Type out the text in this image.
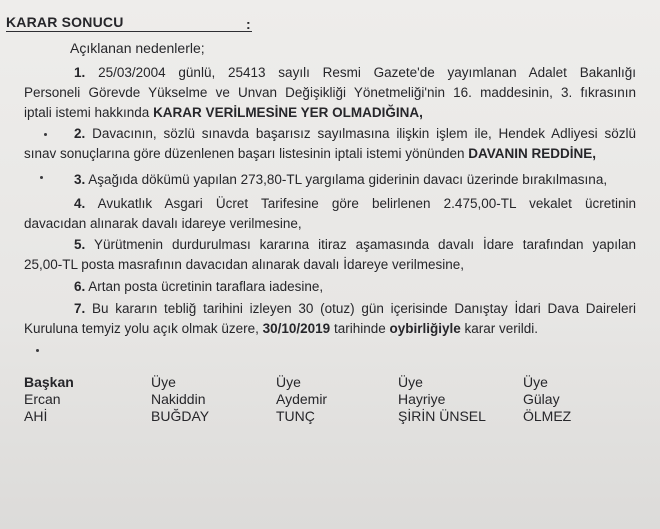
KARAR SONUCU	:
Açıklanan nedenlerle;
1. 25/03/2004 günlü, 25413 sayılı Resmi Gazete'de yayımlanan Adalet Bakanlığı
Personeli Görevde Yükselme ve Unvan Değişikliği Yönetmeliği'nin 16. maddesinin, 3. fıkrasının
iptali istemi hakkında KARAR VERİLMESİNE YER OLMADIĞINA,
2. Davacının, sözlü sınavda başarısız sayılmasına ilişkin işlem ile, Hendek Adliyesi sözlü
sınav sonuçlarına göre düzenlenen başarı listesinin iptali istemi yönünden DAVANIN REDDİNE,
3. Aşağıda dökümü yapılan 273,80-TL yargılama giderinin davacı üzerinde bırakılmasına,
4. Avukatlık Asgari Ücret Tarifesine göre belirlenen 2.475,00-TL vekalet ücretinin
davacıdan alınarak davalı idareye verilmesine,
5. Yürütmenin durdurulması kararına itiraz aşamasında davalı İdare tarafından yapılan
25,00-TL posta masrafının davacıdan alınarak davalı İdareye verilmesine,
6. Artan posta ücretinin taraflara iadesine,
7. Bu kararın tebliğ tarihini izleyen 30 (otuz) gün içerisinde Danıştay İdari Dava Daireleri
Kuruluna temyiz yolu açık olmak üzere, 30/10/2019 tarihinde oybirliğiyle karar verildi.
Başkan
Ercan
AHİ
Üye
Nakiddin
BUĞDAY
Üye
Aydemir
TUNÇ
Üye
Hayriye
ŞİRİN ÜNSEL
Üye
Gülay
ÖLMEZ
